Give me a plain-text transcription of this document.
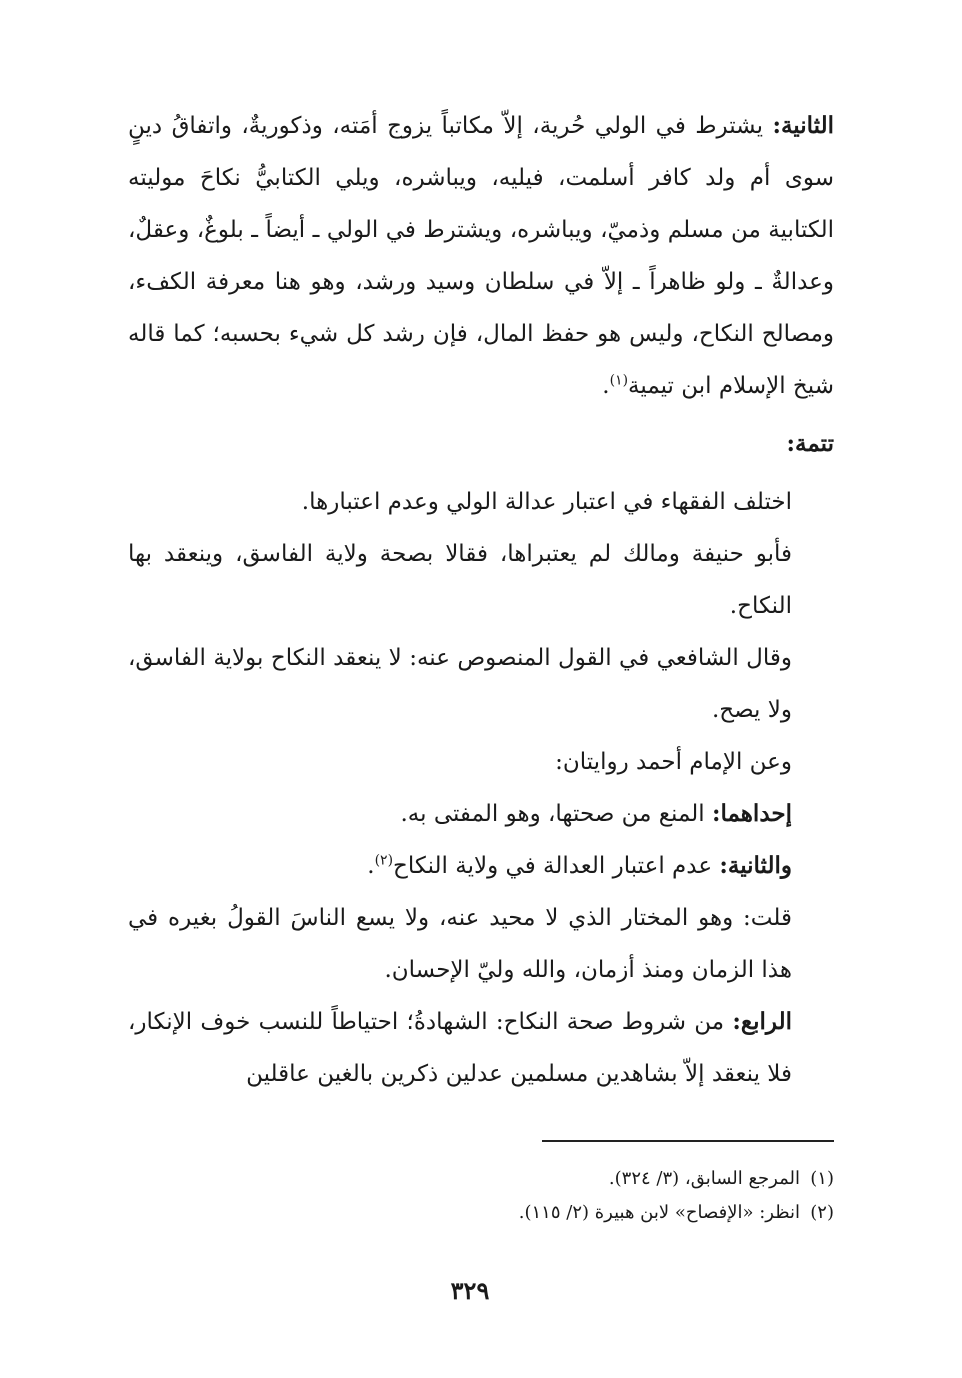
الثانية: يشترط في الولي حُرية، إلاّ مكاتباً يزوج أمَته، وذكوريةٌ، واتفاقُ دينٍ سوى أم ولد كافر أسلمت، فيليه، ويباشره، ويلي الكتابيُّ نكاحَ موليته الكتابية من مسلم وذميّ، ويباشره، ويشترط في الولي ـ أيضاً ـ بلوغٌ، وعقلٌ، وعدالةٌ ـ ولو ظاهراً ـ إلاّ في سلطان وسيد ورشد، وهو هنا معرفة الكفء، ومصالح النكاح، وليس هو حفظ المال، فإن رشد كل شيء بحسبه؛ كما قاله شيخ الإسلام ابن تيمية$^{(١)}$.

تتمة:

اختلف الفقهاء في اعتبار عدالة الولي وعدم اعتبارها.

فأبو حنيفة ومالك لم يعتبراها، فقالا بصحة ولاية الفاسق، وينعقد بها النكاح.

وقال الشافعي في القول المنصوص عنه: لا ينعقد النكاح بولاية الفاسق، ولا يصح.

وعن الإمام أحمد روايتان:

إحداهما: المنع من صحتها، وهو المفتى به.

والثانية: عدم اعتبار العدالة في ولاية النكاح$^{(٢)}$.

قلت: وهو المختار الذي لا محيد عنه، ولا يسع الناسَ القولُ بغيره في هذا الزمان ومنذ أزمان، والله وليّ الإحسان.

الرابع: من شروط صحة النكاح: الشهادةُ؛ احتياطاً للنسب خوف الإنكار، فلا ينعقد إلاّ بشاهدين مسلمين عدلين ذكرين بالغين عاقلين

(١)المرجع السابق، (٣/ ٣٢٤).

(٢)انظر: «الإفصاح» لابن هبيرة (٢/ ١١٥).

٣٢٩
